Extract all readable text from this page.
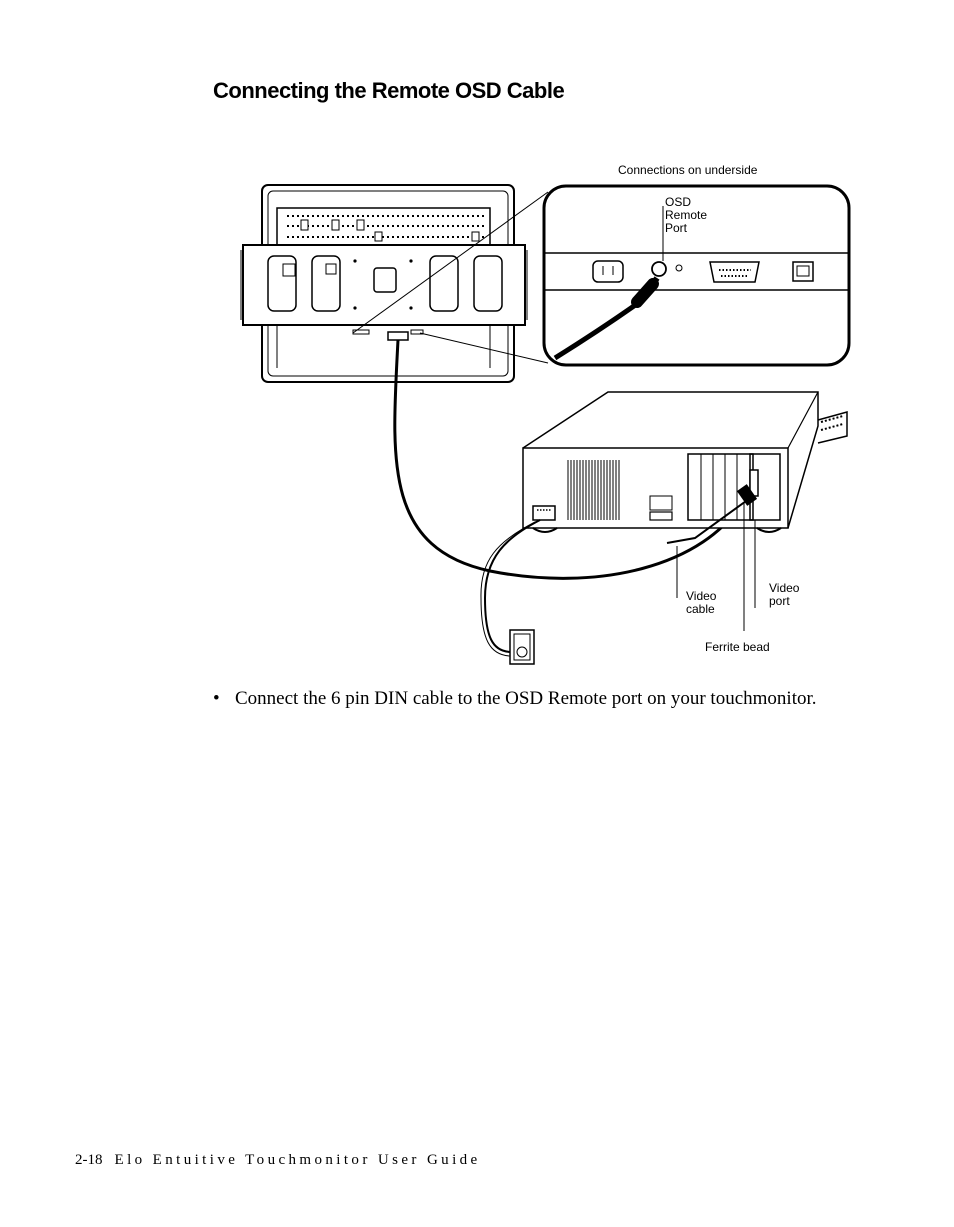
Connecting the Remote OSD Cable
Connections on underside
OSD
Remote
Port
Video
cable
Video
port
Ferrite bead
• Connect the 6 pin DIN cable to the OSD Remote port on your touchmonitor.
2-18 Elo Entuitive Touchmonitor User Guide
